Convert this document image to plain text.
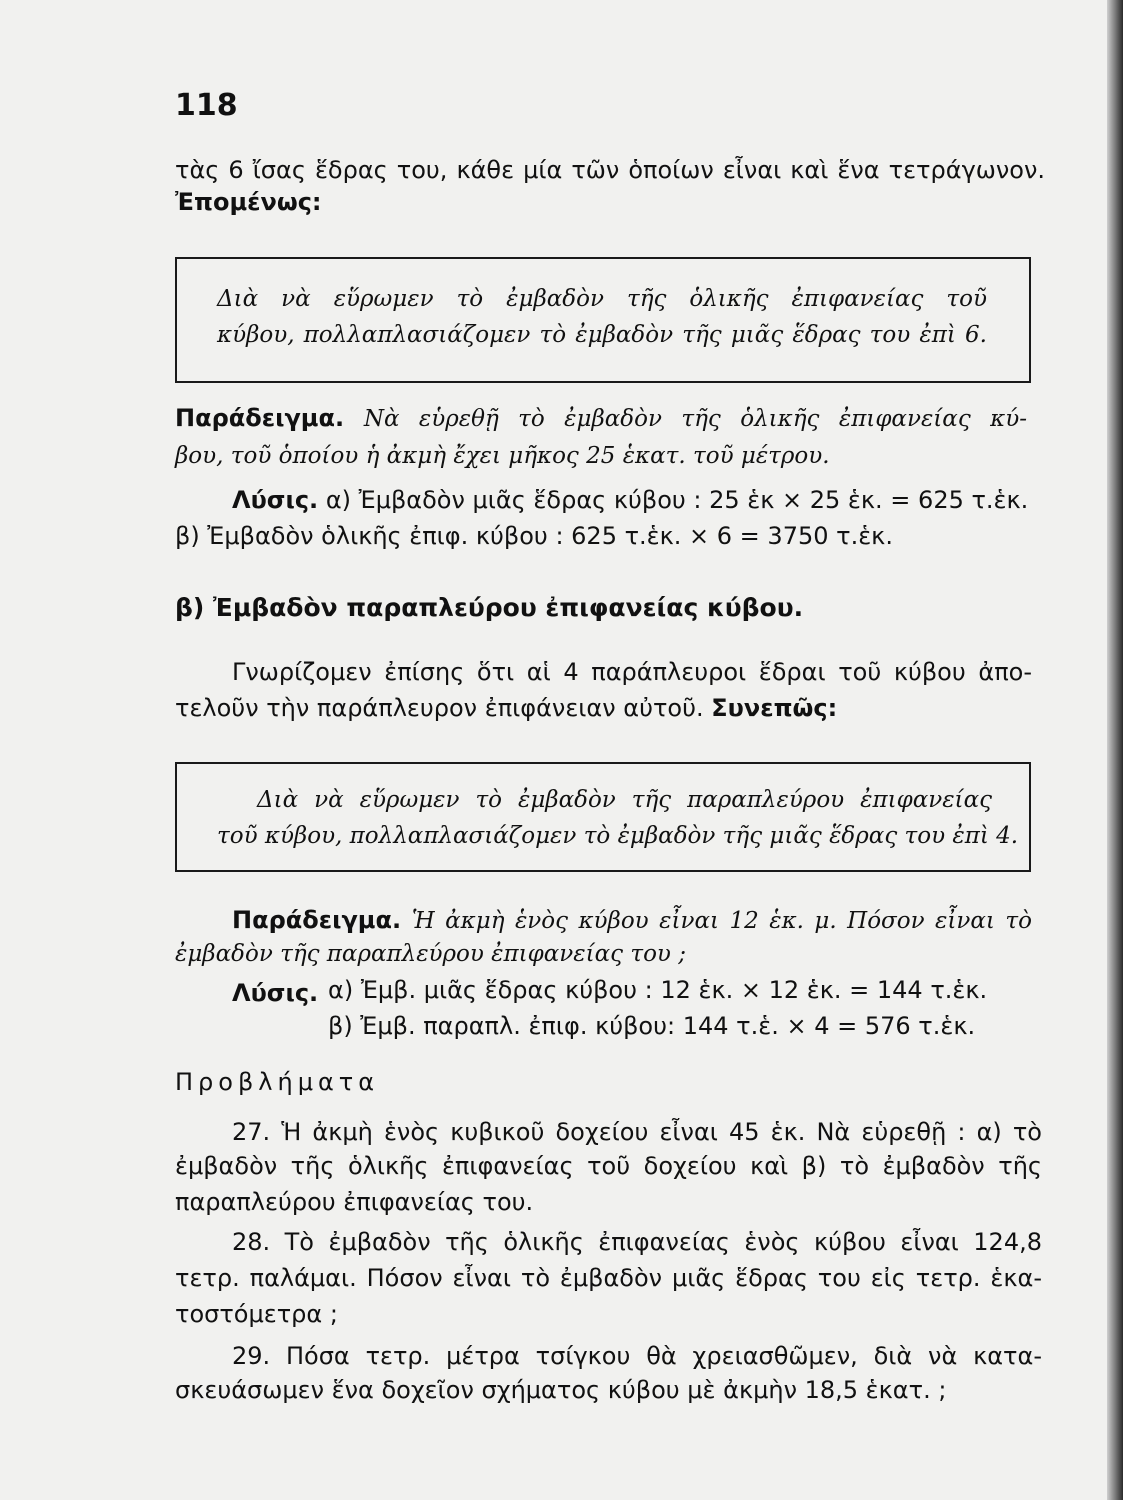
118
τὰς 6 ἴσας ἕδρας του, κάθε μία τῶν ὁποίων εἶναι καὶ ἕνα τετράγωνον.
Ἐπομένως:
Διὰ νὰ εὕρωμεν τὸ ἐμβαδὸν τῆς ὁλικῆς ἐπιφανείας τοῦ
κύβου, πολλαπλασιάζομεν τὸ ἐμβαδὸν τῆς μιᾶς ἕδρας του ἐπὶ 6.
Παράδειγμα. Νὰ εὑρεθῇ τὸ ἐμβαδὸν τῆς ὁλικῆς ἐπιφανείας κύ-
βου, τοῦ ὁποίου ἡ ἀκμὴ ἔχει μῆκος 25 ἑκατ. τοῦ μέτρου.
Λύσις. α) Ἐμβαδὸν μιᾶς ἕδρας κύβου : 25 ἑκ × 25 ἑκ. = 625 τ.ἑκ.
β) Ἐμβαδὸν ὁλικῆς ἐπιφ. κύβου : 625 τ.ἑκ. × 6 = 3750 τ.ἑκ.
β) Ἐμβαδὸν παραπλεύρου ἐπιφανείας κύβου.
Γνωρίζομεν ἐπίσης ὅτι αἱ 4 παράπλευροι ἕδραι τοῦ κύβου ἀπο-
τελοῦν τὴν παράπλευρον ἐπιφάνειαν αὐτοῦ. Συνεπῶς:
Διὰ νὰ εὕρωμεν τὸ ἐμβαδὸν τῆς παραπλεύρου ἐπιφανείας
τοῦ κύβου, πολλαπλασιάζομεν τὸ ἐμβαδὸν τῆς μιᾶς ἕδρας του ἐπὶ 4.
Παράδειγμα. Ἡ ἀκμὴ ἑνὸς κύβου εἶναι 12 ἑκ. μ. Πόσον εἶναι τὸ
ἐμβαδὸν τῆς παραπλεύρου ἐπιφανείας του ;
Λύσις. α) Ἐμβ. μιᾶς ἕδρας κύβου : 12 ἑκ. × 12 ἑκ. = 144 τ.ἑκ.
β) Ἐμβ. παραπλ. ἐπιφ. κύβου: 144 τ.ἑ. × 4 = 576 τ.ἑκ.
Προβλήματα
27. Ἡ ἀκμὴ ἑνὸς κυβικοῦ δοχείου εἶναι 45 ἑκ. Νὰ εὑρεθῇ : α) τὸ
ἐμβαδὸν τῆς ὁλικῆς ἐπιφανείας τοῦ δοχείου καὶ β) τὸ ἐμβαδὸν τῆς
παραπλεύρου ἐπιφανείας του.
28. Τὸ ἐμβαδὸν τῆς ὁλικῆς ἐπιφανείας ἑνὸς κύβου εἶναι 124,8
τετρ. παλάμαι. Πόσον εἶναι τὸ ἐμβαδὸν μιᾶς ἕδρας του εἰς τετρ. ἑκα-
τοστόμετρα ;
29. Πόσα τετρ. μέτρα τσίγκου θὰ χρειασθῶμεν, διὰ νὰ κατα-
σκευάσωμεν ἕνα δοχεῖον σχήματος κύβου μὲ ἀκμὴν 18,5 ἑκατ. ;
